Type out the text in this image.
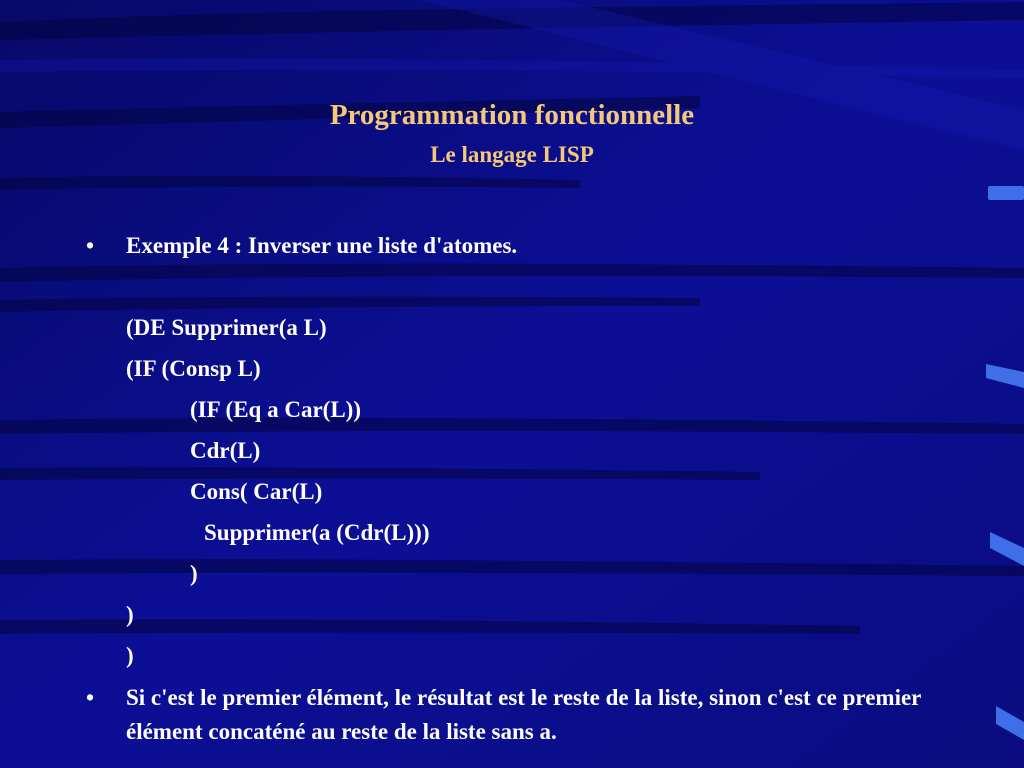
Programmation fonctionnelle
Le langage LISP
• Exemple 4 : Inverser une liste d'atomes.
(DE Supprimer(a L)
(IF (Consp L)
(IF (Eq a Car(L))
Cdr(L)
Cons( Car(L)
Supprimer(a (Cdr(L)))
)
)
)
• Si c'est le premier élément, le résultat est le reste de la liste, sinon c'est ce premier élément concaténé au reste de la liste sans a.
